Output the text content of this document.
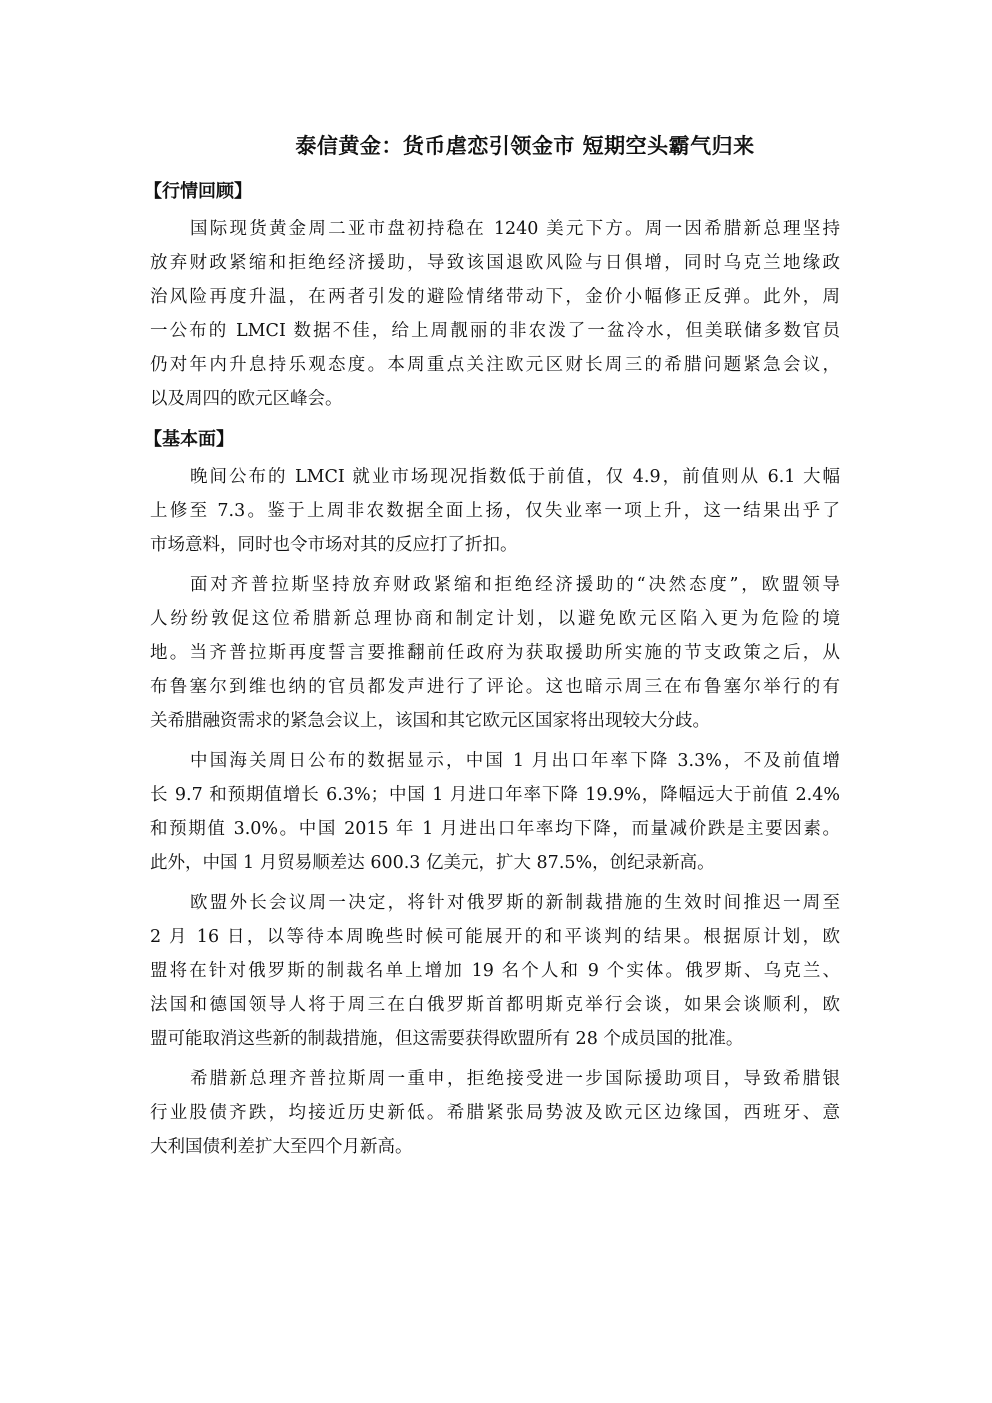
泰信黄金：货币虐恋引领金市 短期空头霸气归来
【行情回顾】
国际现货黄金周二亚市盘初持稳在 1240 美元下方。周一因希腊新总理坚持
放弃财政紧缩和拒绝经济援助，导致该国退欧风险与日俱增，同时乌克兰地缘政
治风险再度升温，在两者引发的避险情绪带动下，金价小幅修正反弹。此外，周
一公布的 LMCI 数据不佳，给上周靓丽的非农泼了一盆冷水，但美联储多数官员
仍对年内升息持乐观态度。本周重点关注欧元区财长周三的希腊问题紧急会议，
以及周四的欧元区峰会。
【基本面】
晚间公布的 LMCI 就业市场现况指数低于前值，仅 4.9，前值则从 6.1 大幅
上修至 7.3。鉴于上周非农数据全面上扬，仅失业率一项上升，这一结果出乎了
市场意料，同时也令市场对其的反应打了折扣。
面对齐普拉斯坚持放弃财政紧缩和拒绝经济援助的“决然态度”，欧盟领导
人纷纷敦促这位希腊新总理协商和制定计划，以避免欧元区陷入更为危险的境
地。当齐普拉斯再度誓言要推翻前任政府为获取援助所实施的节支政策之后，从
布鲁塞尔到维也纳的官员都发声进行了评论。这也暗示周三在布鲁塞尔举行的有
关希腊融资需求的紧急会议上，该国和其它欧元区国家将出现较大分歧。
中国海关周日公布的数据显示，中国 1 月出口年率下降 3.3%，不及前值增
长 9.7 和预期值增长 6.3%；中国 1 月进口年率下降 19.9%，降幅远大于前值 2.4%
和预期值 3.0%。中国 2015 年 1 月进出口年率均下降，而量减价跌是主要因素。
此外，中国 1 月贸易顺差达 600.3 亿美元，扩大 87.5%，创纪录新高。
欧盟外长会议周一决定，将针对俄罗斯的新制裁措施的生效时间推迟一周至
2 月 16 日，以等待本周晚些时候可能展开的和平谈判的结果。根据原计划，欧
盟将在针对俄罗斯的制裁名单上增加 19 名个人和 9 个实体。俄罗斯、乌克兰、
法国和德国领导人将于周三在白俄罗斯首都明斯克举行会谈，如果会谈顺利，欧
盟可能取消这些新的制裁措施，但这需要获得欧盟所有 28 个成员国的批准。
希腊新总理齐普拉斯周一重申，拒绝接受进一步国际援助项目，导致希腊银
行业股债齐跌，均接近历史新低。希腊紧张局势波及欧元区边缘国，西班牙、意
大利国债利差扩大至四个月新高。
